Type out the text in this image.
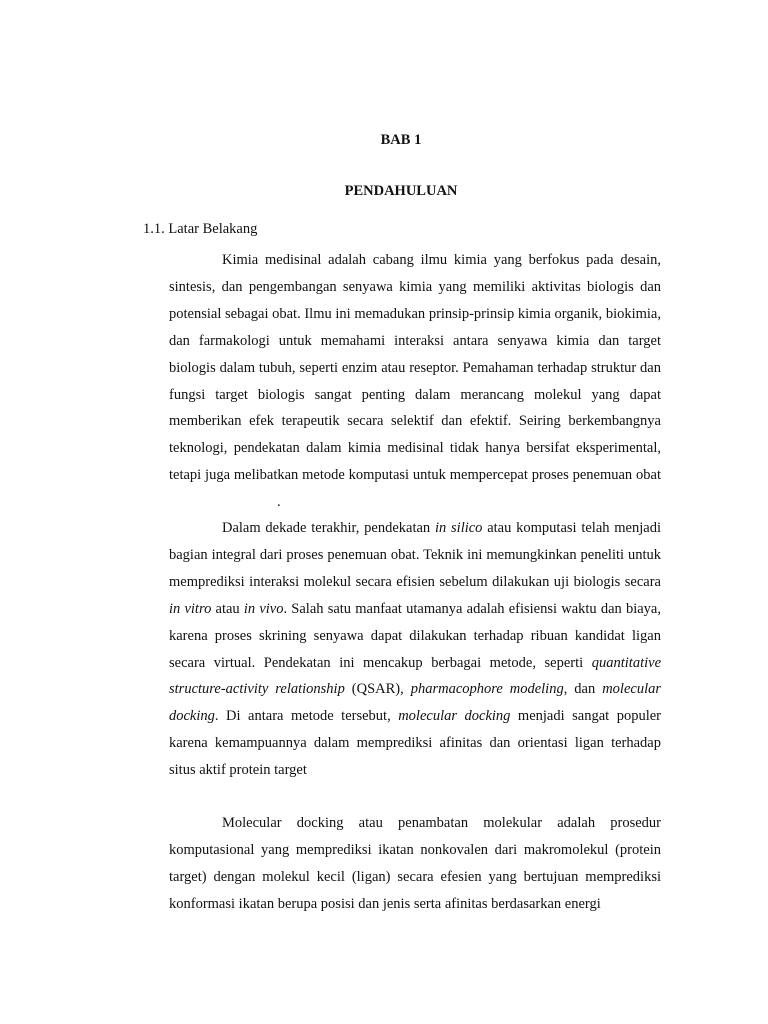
BAB 1
PENDAHULUAN
1.1. Latar Belakang

Kimia medisinal adalah cabang ilmu kimia yang berfokus pada desain, sintesis, dan pengembangan senyawa kimia yang memiliki aktivitas biologis dan potensial sebagai obat. Ilmu ini memadukan prinsip-prinsip kimia organik, biokimia, dan farmakologi untuk memahami interaksi antara senyawa kimia dan target biologis dalam tubuh, seperti enzim atau reseptor. Pemahaman terhadap struktur dan fungsi target biologis sangat penting dalam merancang molekul yang dapat memberikan efek terapeutik secara selektif dan efektif. Seiring berkembangnya teknologi, pendekatan dalam kimia medisinal tidak hanya bersifat eksperimental, tetapi juga melibatkan metode komputasi untuk mempercepat proses penemuan obat.

Dalam dekade terakhir, pendekatan in silico atau komputasi telah menjadi bagian integral dari proses penemuan obat. Teknik ini memungkinkan peneliti untuk memprediksi interaksi molekul secara efisien sebelum dilakukan uji biologis secara in vitro atau in vivo. Salah satu manfaat utamanya adalah efisiensi waktu dan biaya, karena proses skrining senyawa dapat dilakukan terhadap ribuan kandidat ligan secara virtual. Pendekatan ini mencakup berbagai metode, seperti quantitative structure-activity relationship (QSAR), pharmacophore modeling, dan molecular docking. Di antara metode tersebut, molecular docking menjadi sangat populer karena kemampuannya dalam memprediksi afinitas dan orientasi ligan terhadap situs aktif protein target

Molecular docking atau penambatan molekular adalah prosedur komputasional yang memprediksi ikatan nonkovalen dari makromolekul (protein target) dengan molekul kecil (ligan) secara efesien yang bertujuan memprediksi konformasi ikatan berupa posisi dan jenis serta afinitas berdasarkan energi
